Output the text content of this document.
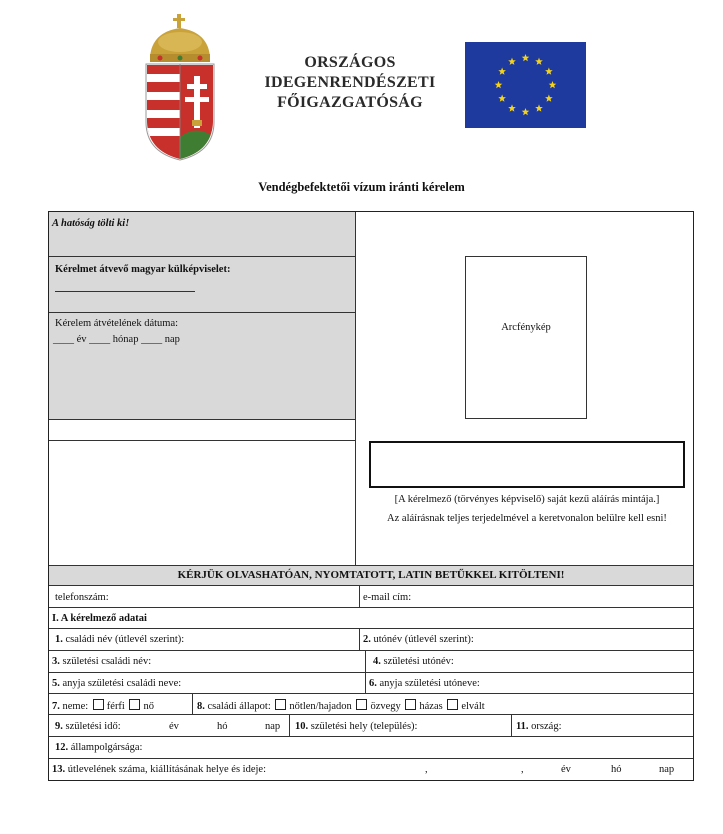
ORSZÁGOS
IDEGENRENDÉSZETI
FŐIGAZGATÓSÁG
Vendégbefektetői vízum iránti kérelem
A hatóság tölti ki!
Kérelmet átvevő magyar külképviselet:
Kérelem átvételének dátuma:
____ év ____ hónap ____ nap
Arcfénykép
[A kérelmező (törvényes képviselő) saját kezű aláírás mintája.]
Az aláírásnak teljes terjedelmével a keretvonalon belülre kell esni!
KÉRJÜK OLVASHATÓAN, NYOMTATOTT, LATIN BETŰKKEL KITÖLTENI!
telefonszám:	e-mail cím:
I. A kérelmező adatai
1. családi név (útlevél szerint):	2. utónév (útlevél szerint):
3. születési családi név:	4. születési utónév:
5. anyja születési családi neve:	6. anyja születési utóneve:
7. neme: férfi nő	8. családi állapot: nőtlen/hajadon özvegy házas elvált
9. születési idő:	év	hó	nap 10. születési hely (település):	11. ország:
12. állampolgársága:
13. útlevelének száma, kiállításának helye és ideje:	,	,	év	hó	nap
